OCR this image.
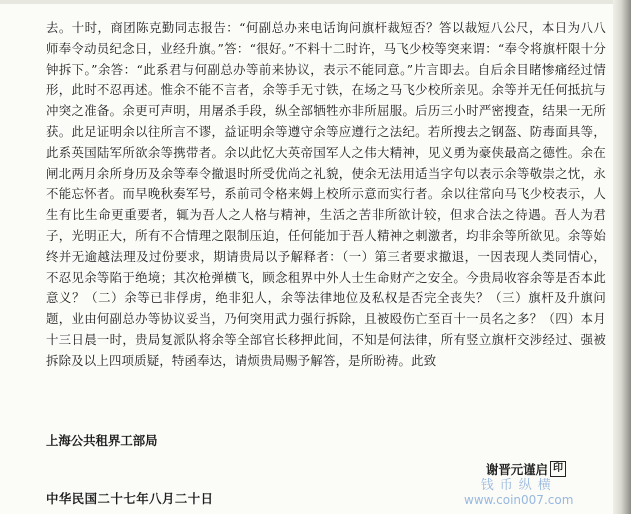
去。十时，商团陈克勤同志报告：“何副总办来电话询问旗杆裁短否？答以裁短八公尺，本日为八八师奉令动员纪念日，业经升旗。”答：“很好。”不料十二时许，马飞少校等突来谓：“奉令将旗杆限十分钟拆下。”余答：“此系君与何副总办等前来协议，表示不能同意。”片言即去。自后余目睹惨痛经过情形，此时不忍再述。惟余不能不言者，余等手无寸铁，在场之马飞少校所亲见。余等并无任何抵抗与冲突之准备。余更可声明，用屠杀手段，纵全部牺牲亦非所屈服。后历三小时严密搜查，结果一无所获。此足证明余以往所言不谬，益证明余等遵守余等应遵行之法纪。若所搜去之钢盔、防毒面具等，此系英国陆军所欲余等携带者。余以此忆大英帝国军人之伟大精神，见义勇为豪侠最高之德性。余在闸北两月余所身历及余等奉令撤退时所受优尚之礼貌，使余无法用适当字句以表示余等敬崇之忱，永不能忘怀者。而早晚秋奏军号，系前司令格来姆上校所示意而实行者。余以往常向马飞少校表示，人生有比生命更重要者，辄为吾人之人格与精神，生活之苦非所欲计较，但求合法之待遇。吾人为君子，光明正大，所有不合情理之限制压迫，任何能加于吾人精神之刺激者，均非余等所欲见。余等始终并无逾越法理及过份要求，期请贵局以予解释者：（一）第三者要求撤退，一因表现人类同情心，不忍见余等陷于绝境；其次枪弹横飞，顾念租界中外人士生命财产之安全。今贵局收容余等是否本此意义？（二）余等已非俘虏，绝非犯人，余等法律地位及私权是否完全丧失？（三）旗杆及升旗问题，业由何副总办等协议妥当，乃何突用武力强行拆除，且被殴伤亡至百十一员名之多？（四）本月十三日晨一时，贵局复派队将余等全部官长移押此间，不知是何法律，所有竖立旗杆交涉经过、强被拆除及以上四项质疑，特函奉达，请烦贵局赐予解答，是所盼祷。此致

上海公共租界工部局
谢晋元谨启 印
中华民国二十七年八月二十日
钱币纵横
www.coin007.com
